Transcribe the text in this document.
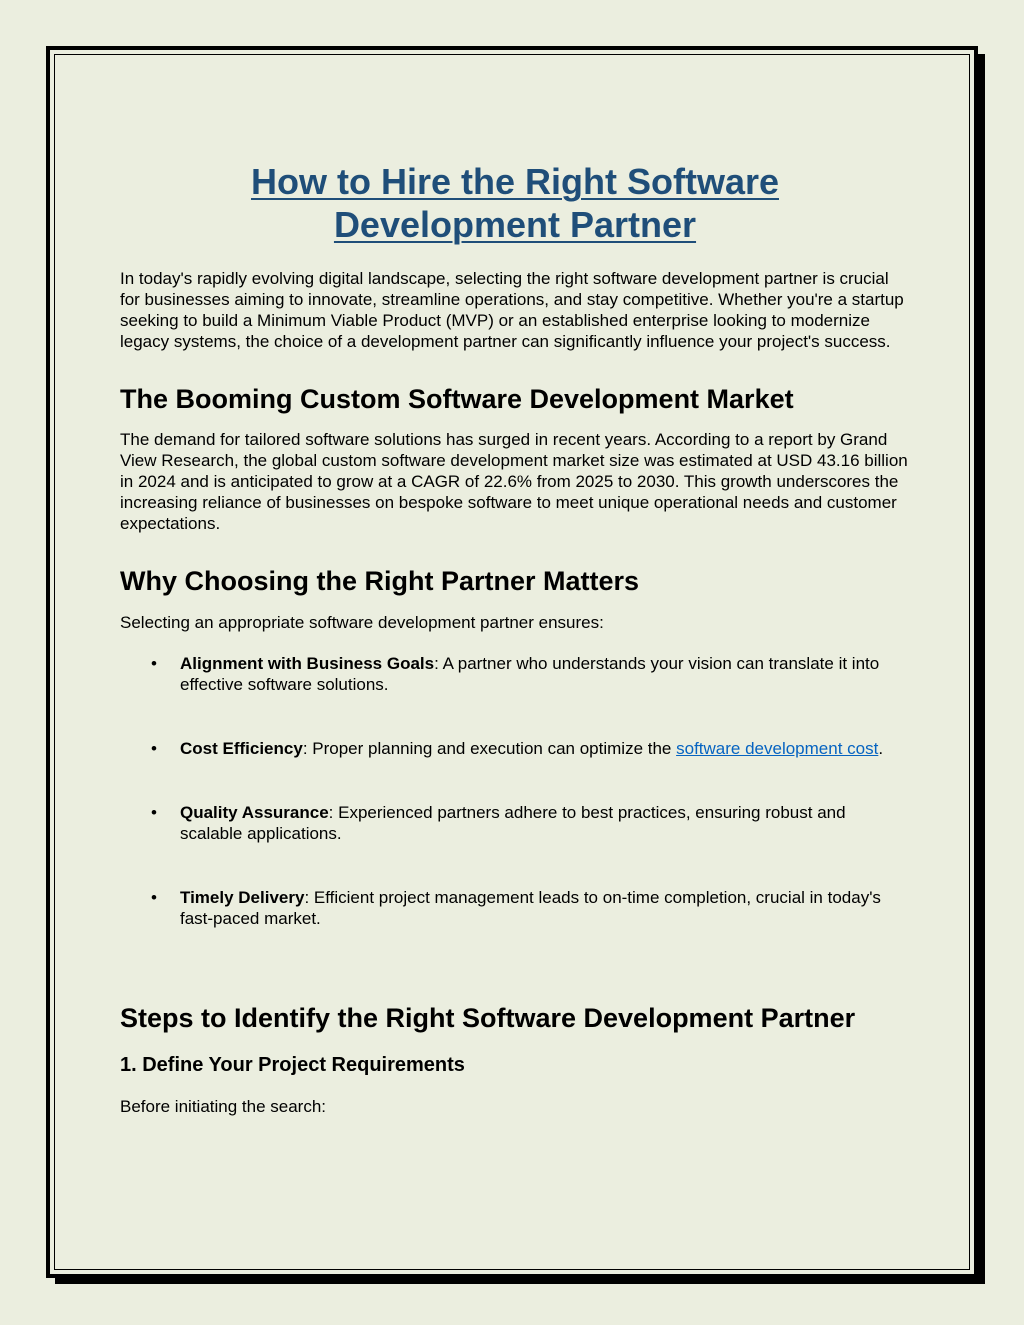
How to Hire the Right Software
Development Partner

In today's rapidly evolving digital landscape, selecting the right software development partner is crucial for businesses aiming to innovate, streamline operations, and stay competitive. Whether you're a startup seeking to build a Minimum Viable Product (MVP) or an established enterprise looking to modernize legacy systems, the choice of a development partner can significantly influence your project's success.

The Booming Custom Software Development Market

The demand for tailored software solutions has surged in recent years. According to a report by Grand View Research, the global custom software development market size was estimated at USD 43.16 billion in 2024 and is anticipated to grow at a CAGR of 22.6% from 2025 to 2030. This growth underscores the increasing reliance of businesses on bespoke software to meet unique operational needs and customer expectations.

Why Choosing the Right Partner Matters

Selecting an appropriate software development partner ensures:

• Alignment with Business Goals: A partner who understands your vision can translate it into effective software solutions.
• Cost Efficiency: Proper planning and execution can optimize the software development cost.
• Quality Assurance: Experienced partners adhere to best practices, ensuring robust and scalable applications.
• Timely Delivery: Efficient project management leads to on-time completion, crucial in today's fast-paced market.
Steps to Identify the Right Software Development Partner
1. Define Your Project Requirements

Before initiating the search:
